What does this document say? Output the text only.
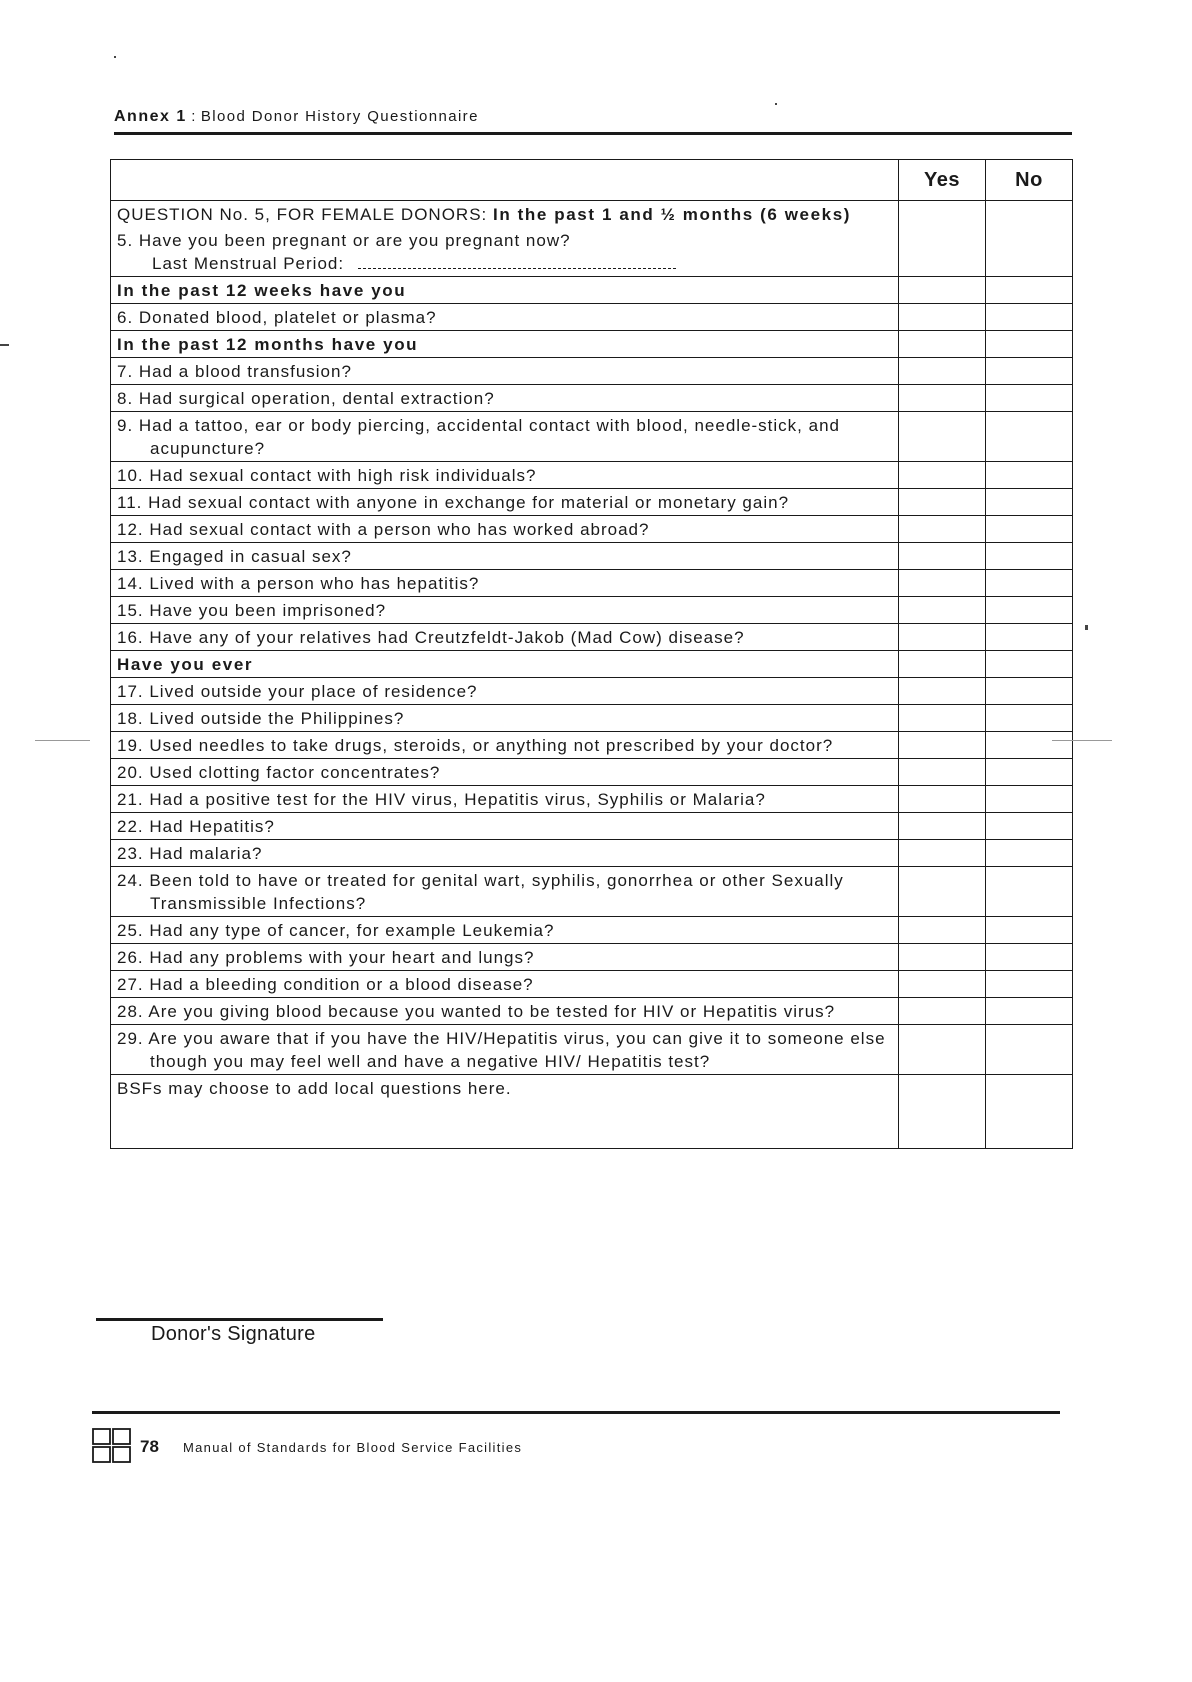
Annex 1 : Blood Donor History Questionnaire
	Yes	No
QUESTION No. 5, FOR FEMALE DONORS: In the past 1 and ½ months (6 weeks)
5. Have you been pregnant or are you pregnant now?
Last Menstrual Period:		

In the past 12 weeks have you		
6. Donated blood, platelet or plasma?		
In the past 12 months have you		
7. Had a blood transfusion?		
8. Had surgical operation, dental extraction?		

9. Had a tattoo, ear or body piercing, accidental contact with blood, needle-stick, and acupuncture?		

10. Had sexual contact with high risk individuals?		

11. Had sexual contact with anyone in exchange for material or monetary gain?		

12. Had sexual contact with a person who has worked abroad?		
13. Engaged in casual sex?		
14. Lived with a person who has hepatitis?		
15. Have you been imprisoned?		
16. Have any of your relatives had Creutzfeldt-Jakob (Mad Cow) disease?		
Have you ever		
17. Lived outside your place of residence?		
18. Lived outside the Philippines?		

19. Used needles to take drugs, steroids, or anything not prescribed by your doctor?		

20. Used clotting factor concentrates?		

21. Had a positive test for the HIV virus, Hepatitis virus, Syphilis or Malaria?		

22. Had Hepatitis?		
23. Had malaria?		

24. Been told to have or treated for genital wart, syphilis, gonorrhea or other Sexually Transmissible Infections?		

25. Had any type of cancer, for example Leukemia?		
26. Had any problems with your heart and lungs?		
27. Had a bleeding condition or a blood disease?		

28. Are you giving blood because you wanted to be tested for HIV or Hepatitis virus?		

29. Are you aware that if you have the HIV/Hepatitis virus, you can give it to someone else though you may feel well and have a negative HIV/ Hepatitis test?		

BSFs may choose to add local questions here.		
Donor's Signature
78 Manual of Standards for Blood Service Facilities
